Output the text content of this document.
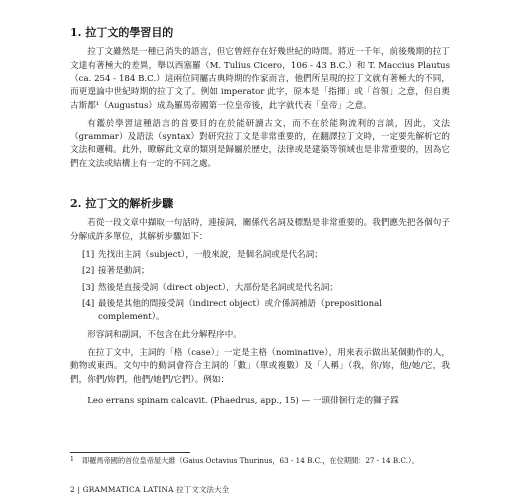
1. 拉丁文的學習目的

拉丁文雖然是一種已消失的語言，但它曾經存在好幾世紀的時間。將近一千年，前後幾期的拉丁文達有著極大的差異，舉以西塞羅（M. Tulius Cicero，106 - 43 B.C.）和 T. Maccius Plautus（ca. 254 - 184 B.C.）這兩位同屬古典時期的作家而言，他們所呈現的拉丁文就有著極大的不同，而更遑論中世紀時期的拉丁文了。例如 imperator 此字，原本是「指揮」或「首領」之意，但自奧古斯都¹（Augustus）成為羅馬帝國第一位皇帝後，此字就代表「皇帝」之意。

有鑑於學習這種語言的首要目的在於能研讀古文，而不在於能夠流利的言談，因此，文法（grammar）及語法（syntax）對研究拉丁文是非常重要的，在翻譯拉丁文時，一定要先解析它的文法和邏輯。此外，瞭解此文章的類別是歸屬於歷史，法律或是建築等領域也是非常重要的，因為它們在文法或結構上有一定的不同之處。

2. 拉丁文的解析步驟

若從一段文章中擷取一句話時，連接詞，關係代名詞及標點是非常重要的。我們應先把各個句子分解成許多單位，其解析步驟如下：

[1] 先找出主詞（subject），一般來說，是個名詞或是代名詞；
[2] 接著是動詞；
[3] 然後是直接受詞（direct object），大部份是名詞或是代名詞；
[4] 最後是其他的間接受詞（indirect object）或介係詞補語（prepositional complement）。

形容詞和副詞，不包含在此分解程序中。

在拉丁文中，主詞的「格（case）」一定是主格（nominative），用來表示做出某個動作的人，動物或東西。文句中的動詞會符合主詞的「數」（單或複數）及「人稱」（我，你/妳，他/她/它，我們，你們/妳們，他們/她們/它們）。例如：

Leo errans spinam calcavit. (Phaedrus, app., 15) — 一頭徘徊行走的獅子踩

1	即羅馬帝國的首位皇帝屋大維（Gaius Octavius Thurinus，63 - 14 B.C.，在位期間：27 - 14 B.C.）。
2 | GRAMMATICA LATINA 拉丁文文法大全
